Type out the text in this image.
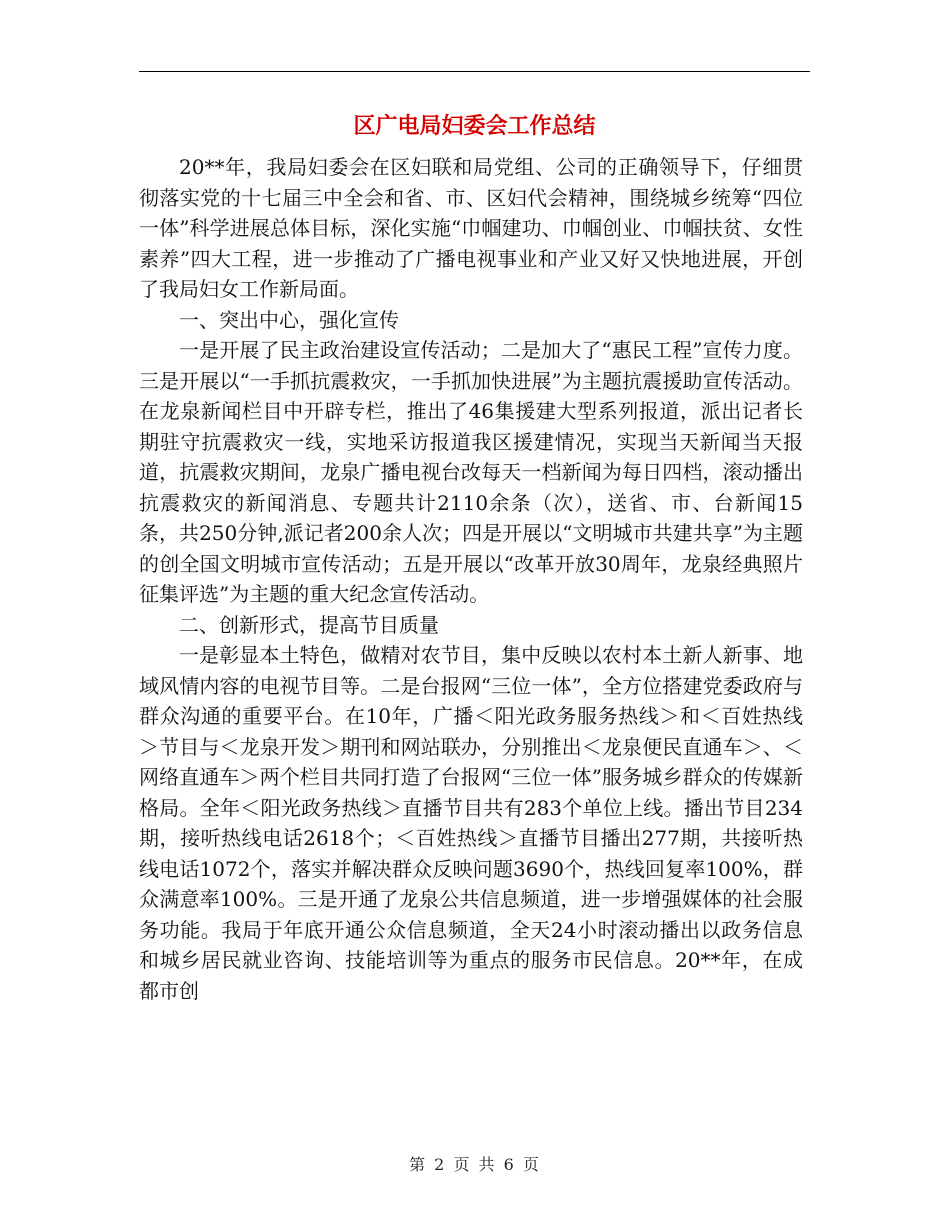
区广电局妇委会工作总结

20**年，我局妇委会在区妇联和局党组、公司的正确领导下，仔细贯彻落实党的十七届三中全会和省、市、区妇代会精神，围绕城乡统筹“四位一体”科学进展总体目标，深化实施“巾帼建功、巾帼创业、巾帼扶贫、女性素养”四大工程，进一步推动了广播电视事业和产业又好又快地进展，开创了我局妇女工作新局面。

一、突出中心，强化宣传

一是开展了民主政治建设宣传活动；二是加大了“惠民工程”宣传力度。三是开展以“一手抓抗震救灾，一手抓加快进展”为主题抗震援助宣传活动。在龙泉新闻栏目中开辟专栏，推出了46集援建大型系列报道，派出记者长期驻守抗震救灾一线，实地采访报道我区援建情况，实现当天新闻当天报道，抗震救灾期间，龙泉广播电视台改每天一档新闻为每日四档，滚动播出抗震救灾的新闻消息、专题共计2110余条（次），送省、市、台新闻15条，共250分钟,派记者200余人次；四是开展以“文明城市共建共享”为主题的创全国文明城市宣传活动；五是开展以“改革开放30周年，龙泉经典照片征集评选”为主题的重大纪念宣传活动。

二、创新形式，提高节目质量

一是彰显本土特色，做精对农节目，集中反映以农村本土新人新事、地域风情内容的电视节目等。二是台报网“三位一体”，全方位搭建党委政府与群众沟通的重要平台。在10年，广播＜阳光政务服务热线＞和＜百姓热线＞节目与＜龙泉开发＞期刊和网站联办，分别推出＜龙泉便民直通车＞、＜网络直通车＞两个栏目共同打造了台报网“三位一体”服务城乡群众的传媒新格局。全年＜阳光政务热线＞直播节目共有283个单位上线。播出节目234期，接听热线电话2618个；＜百姓热线＞直播节目播出277期，共接听热线电话1072个，落实并解决群众反映问题3690个，热线回复率100%，群众满意率100%。三是开通了龙泉公共信息频道，进一步增强媒体的社会服务功能。我局于年底开通公众信息频道，全天24小时滚动播出以政务信息和城乡居民就业咨询、技能培训等为重点的服务市民信息。20**年，在成都市创

第 2 页 共 6 页
